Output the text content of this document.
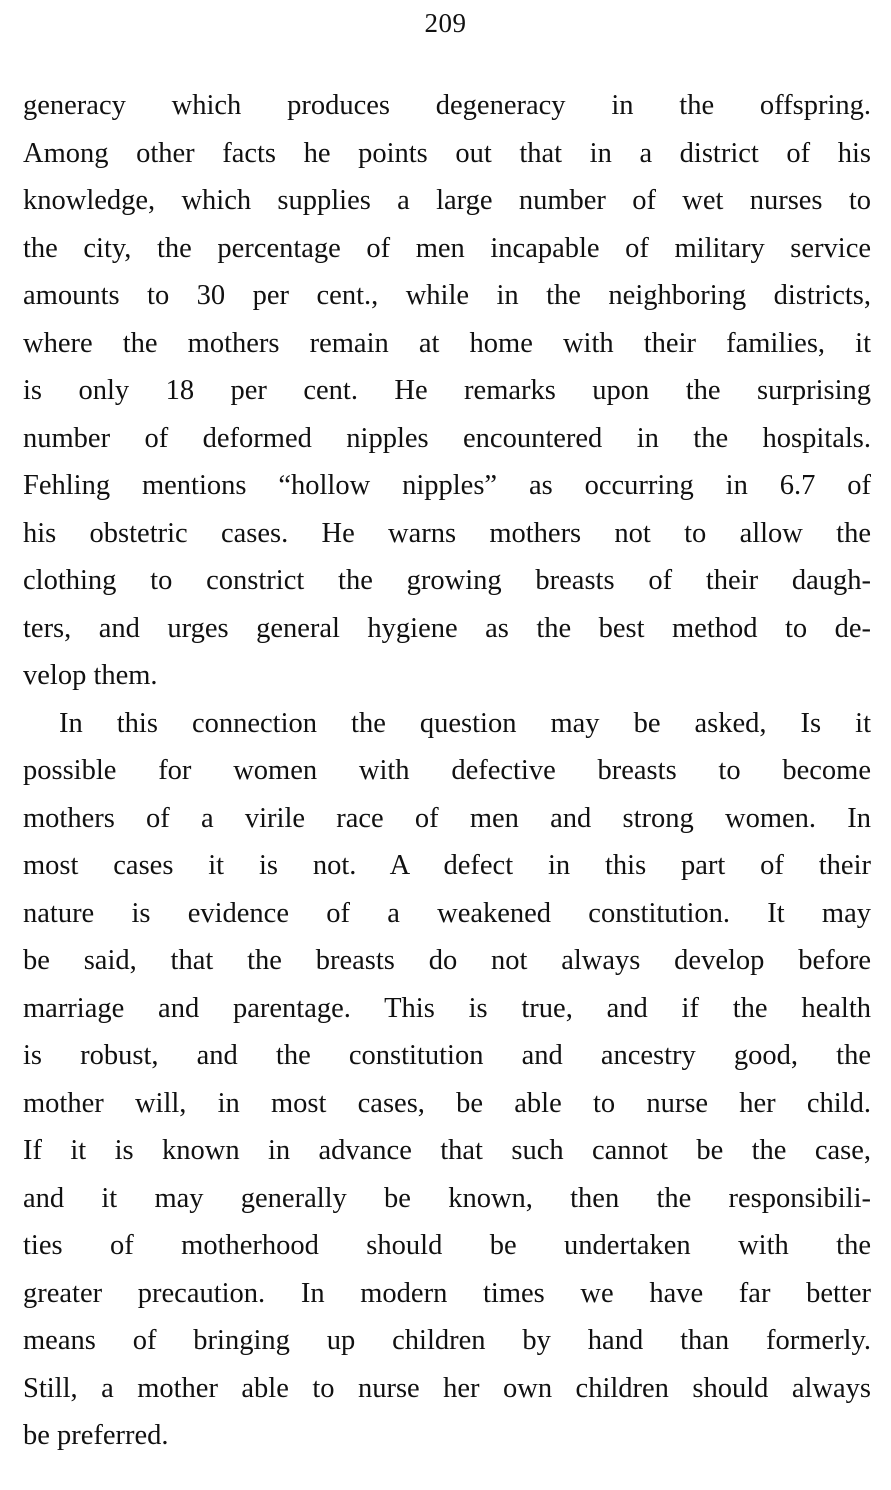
209
generacy which produces degeneracy in the offspring.
Among other facts he points out that in a district of his
knowledge, which supplies a large number of wet nurses to
the city, the percentage of men incapable of military service
amounts to 30 per cent., while in the neighboring districts,
where the mothers remain at home with their families, it
is only 18 per cent. He remarks upon the surprising
number of deformed nipples encountered in the hospitals.
Fehling mentions “hollow nipples” as occurring in 6.7 of
his obstetric cases. He warns mothers not to allow the
clothing to constrict the growing breasts of their daugh-
ters, and urges general hygiene as the best method to de-
velop them.
In this connection the question may be asked, Is it
possible for women with defective breasts to become
mothers of a virile race of men and strong women. In
most cases it is not. A defect in this part of their
nature is evidence of a weakened constitution. It may
be said, that the breasts do not always develop before
marriage and parentage. This is true, and if the health
is robust, and the constitution and ancestry good, the
mother will, in most cases, be able to nurse her child.
If it is known in advance that such cannot be the case,
and it may generally be known, then the responsibili-
ties of motherhood should be undertaken with the
greater precaution. In modern times we have far better
means of bringing up children by hand than formerly.
Still, a mother able to nurse her own children should always
be preferred.
